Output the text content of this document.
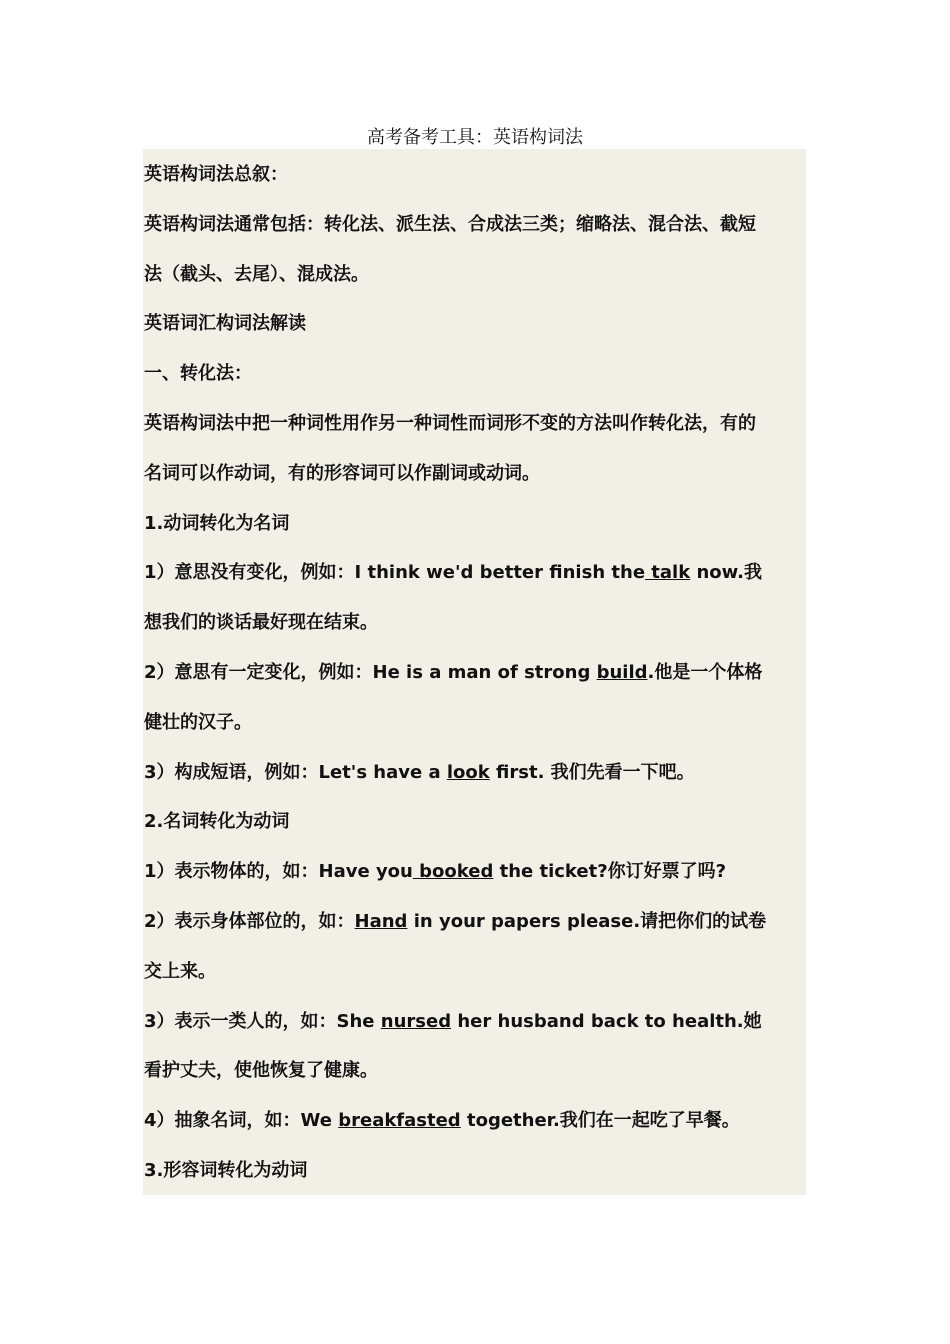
高考备考工具：英语构词法
英语构词法总叙：
英语构词法通常包括：转化法、派生法、合成法三类；缩略法、混合法、截短
法（截头、去尾）、混成法。
英语词汇构词法解读
一、转化法：
英语构词法中把一种词性用作另一种词性而词形不变的方法叫作转化法，有的
名词可以作动词，有的形容词可以作副词或动词。
1.动词转化为名词
1）意思没有变化，例如：I think we'd better finish the talk now.我
想我们的谈话最好现在结束。
2）意思有一定变化，例如：He is a man of strong build.他是一个体格
健壮的汉子。
3）构成短语，例如：Let's have a look first. 我们先看一下吧。
2.名词转化为动词
1）表示物体的，如：Have you booked the ticket?你订好票了吗?
2）表示身体部位的，如：Hand in your papers please.请把你们的试卷
交上来。
3）表示一类人的，如：She nursed her husband back to health.她
看护丈夫，使他恢复了健康。
4）抽象名词，如：We breakfasted together.我们在一起吃了早餐。
3.形容词转化为动词
